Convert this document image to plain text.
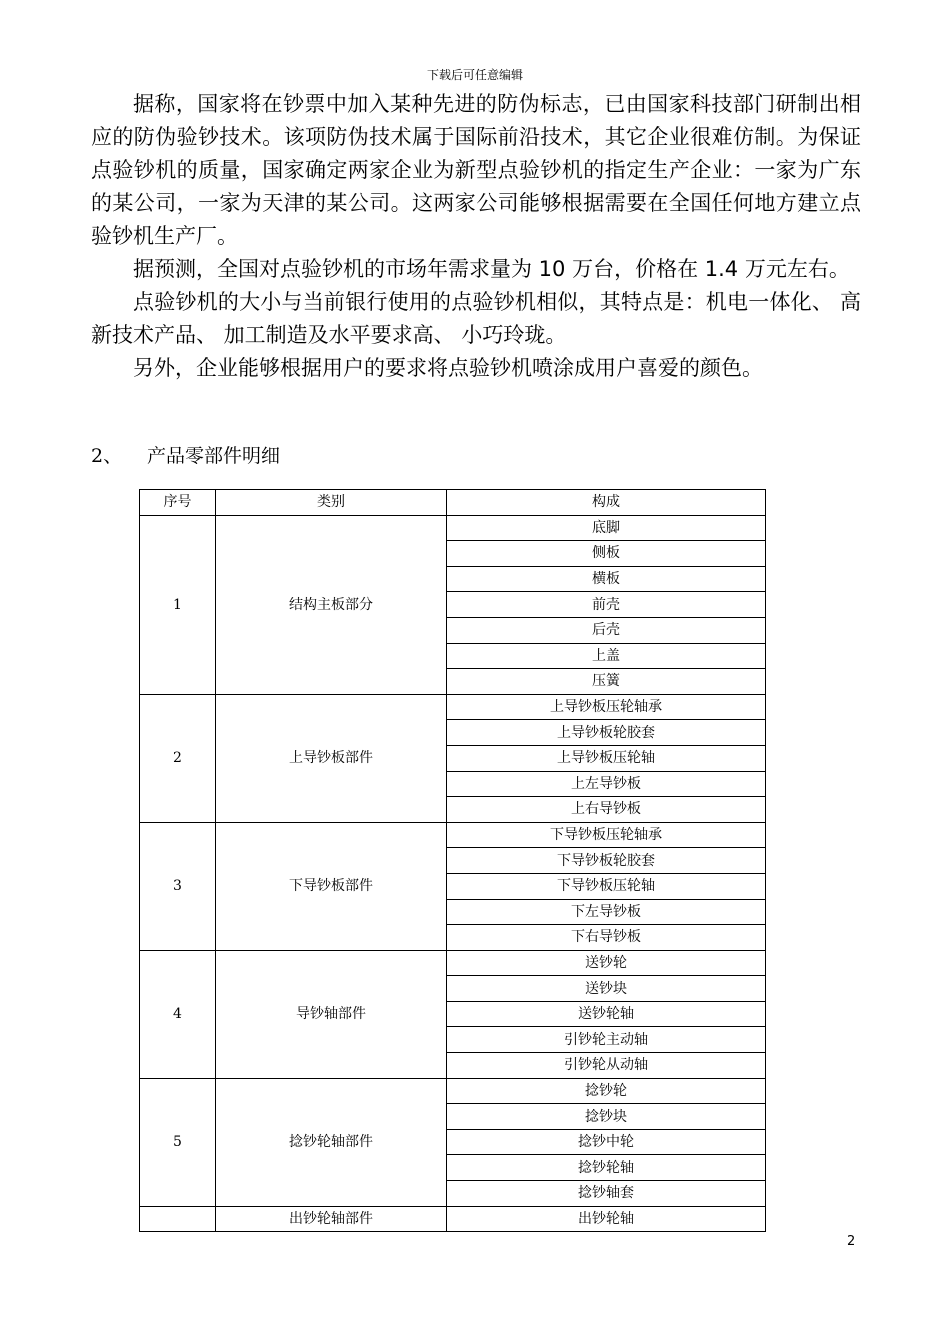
下载后可任意编辑

据称，国家将在钞票中加入某种先进的防伪标志，已由国家科技部门研制出相应的防伪验钞技术。该项防伪技术属于国际前沿技术，其它企业很难仿制。为保证点验钞机的质量，国家确定两家企业为新型点验钞机的指定生产企业：一家为广东的某公司，一家为天津的某公司。这两家公司能够根据需要在全国任何地方建立点验钞机生产厂。

据预测，全国对点验钞机的市场年需求量为 10 万台，价格在 1.4 万元左右。

点验钞机的大小与当前银行使用的点验钞机相似，其特点是：机电一体化、 高新技术产品、 加工制造及水平要求高、 小巧玲珑。

另外，企业能够根据用户的要求将点验钞机喷涂成用户喜爱的颜色。

2、 产品零部件明细
序号	类别	构成
1	结构主板部分	底脚
		侧板
		横板
		前壳
		后壳
		上盖
		压簧
2	上导钞板部件	上导钞板压轮轴承
		上导钞板轮胶套
		上导钞板压轮轴
		上左导钞板
		上右导钞板
3	下导钞板部件	下导钞板压轮轴承
		下导钞板轮胶套
		下导钞板压轮轴
		下左导钞板
		下右导钞板
4	导钞轴部件	送钞轮
		送钞块
		送钞轮轴
		引钞轮主动轴
		引钞轮从动轴
5	捻钞轮轴部件	捻钞轮
		捻钞块
		捻钞中轮
		捻钞轮轴
		捻钞轴套
	出钞轮轴部件	出钞轮轴
2
